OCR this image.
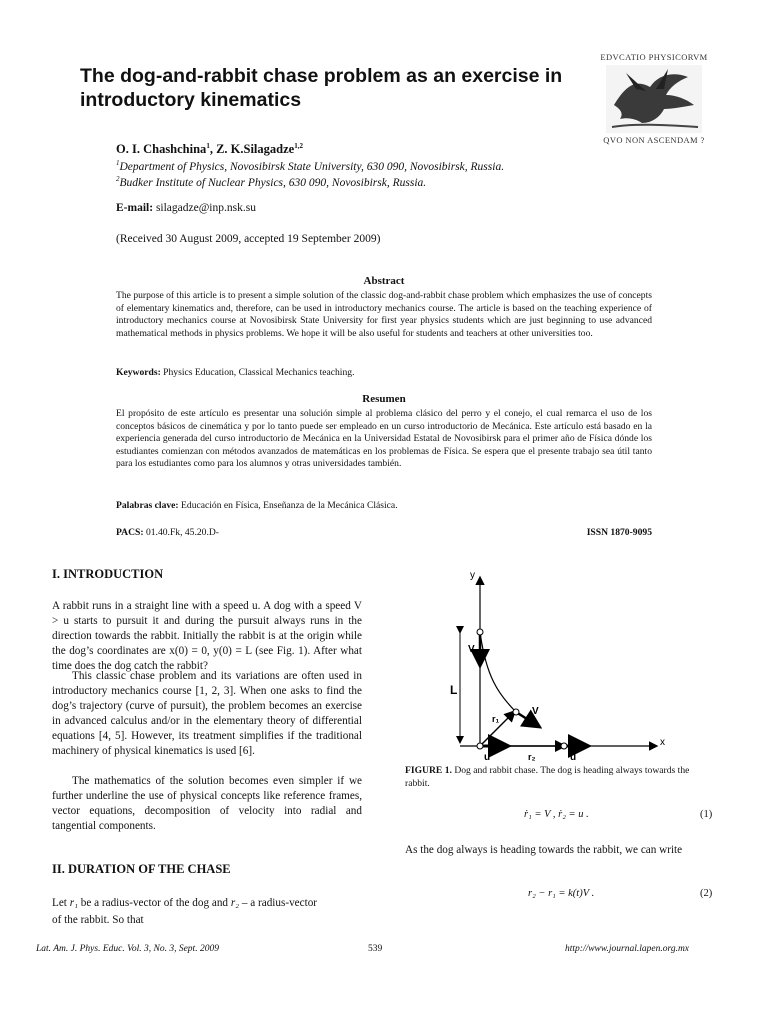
The dog-and-rabbit chase problem as an exercise in introductory kinematics
EDVCATIO PHYSICORVM
QVO NON ASCENDAM ?
O. I. Chashchina$^1$, Z. K.Silagadze$^{1,2}$
$^1$Department of Physics, Novosibirsk State University, 630 090, Novosibirsk, Russia.
$^2$Budker Institute of Nuclear Physics, 630 090, Novosibirsk, Russia.
E-mail: silagadze@inp.nsk.su
(Received 30 August 2009, accepted 19 September 2009)
Abstract
The purpose of this article is to present a simple solution of the classic dog-and-rabbit chase problem which emphasizes the use of concepts of elementary kinematics and, therefore, can be used in introductory mechanics course. The article is based on the teaching experience of introductory mechanics course at Novosibirsk State University for first year physics students which are just beginning to use advanced mathematical methods in physics problems. We hope it will be also useful for students and teachers at other universities too.
Keywords: Physics Education, Classical Mechanics teaching.
Resumen
El propósito de este artículo es presentar una solución simple al problema clásico del perro y el conejo, el cual remarca el uso de los conceptos básicos de cinemática y por lo tanto puede ser empleado en un curso introductorio de Mecánica. Este artículo está basado en la experiencia generada del curso introductorio de Mecánica en la Universidad Estatal de Novosibirsk para el primer año de Física dónde los estudiantes comienzan con métodos avanzados de matemáticas en los problemas de Física. Se espera que el presente trabajo sea útil tanto para los estudiantes como para los alumnos y otras universidades también.
Palabras clave: Educación en Física, Enseñanza de la Mecánica Clásica.
PACS: 01.40.Fk, 45.20.D-	ISSN 1870-9095
I. INTRODUCTION
A rabbit runs in a straight line with a speed u. A dog with a speed V > u starts to pursuit it and during the pursuit always runs in the direction towards the rabbit. Initially the rabbit is at the origin while the dog’s coordinates are x(0) = 0, y(0) = L (see Fig. 1). After what time does the dog catch the rabbit?
This classic chase problem and its variations are often used in introductory mechanics course [1, 2, 3]. When one asks to find the dog’s trajectory (curve of pursuit), the problem becomes an exercise in advanced calculus and/or in the elementary theory of differential equations [4, 5]. However, its treatment simplifies if the traditional machinery of physical kinematics is used [6].
The mathematics of the solution becomes even simpler if we further underline the use of physical concepts like reference frames, vector equations, decomposition of velocity into radial and tangential components.
II. DURATION OF THE CHASE
Let r₁ be a radius-vector of the dog and r₂ – a radius-vector
of the rabbit. So that
y
x
V
L
r₁
V
u	r₂	u
FIGURE 1. Dog and rabbit chase. The dog is heading always towards the rabbit.
ṙ₁ = V , ṙ₂ = u .	(1)
As the dog always is heading towards the rabbit, we can write
r₂ − r₁ = k(t)V .	(2)
Lat. Am. J. Phys. Educ. Vol. 3, No. 3, Sept. 2009	539	http://www.journal.lapen.org.mx
